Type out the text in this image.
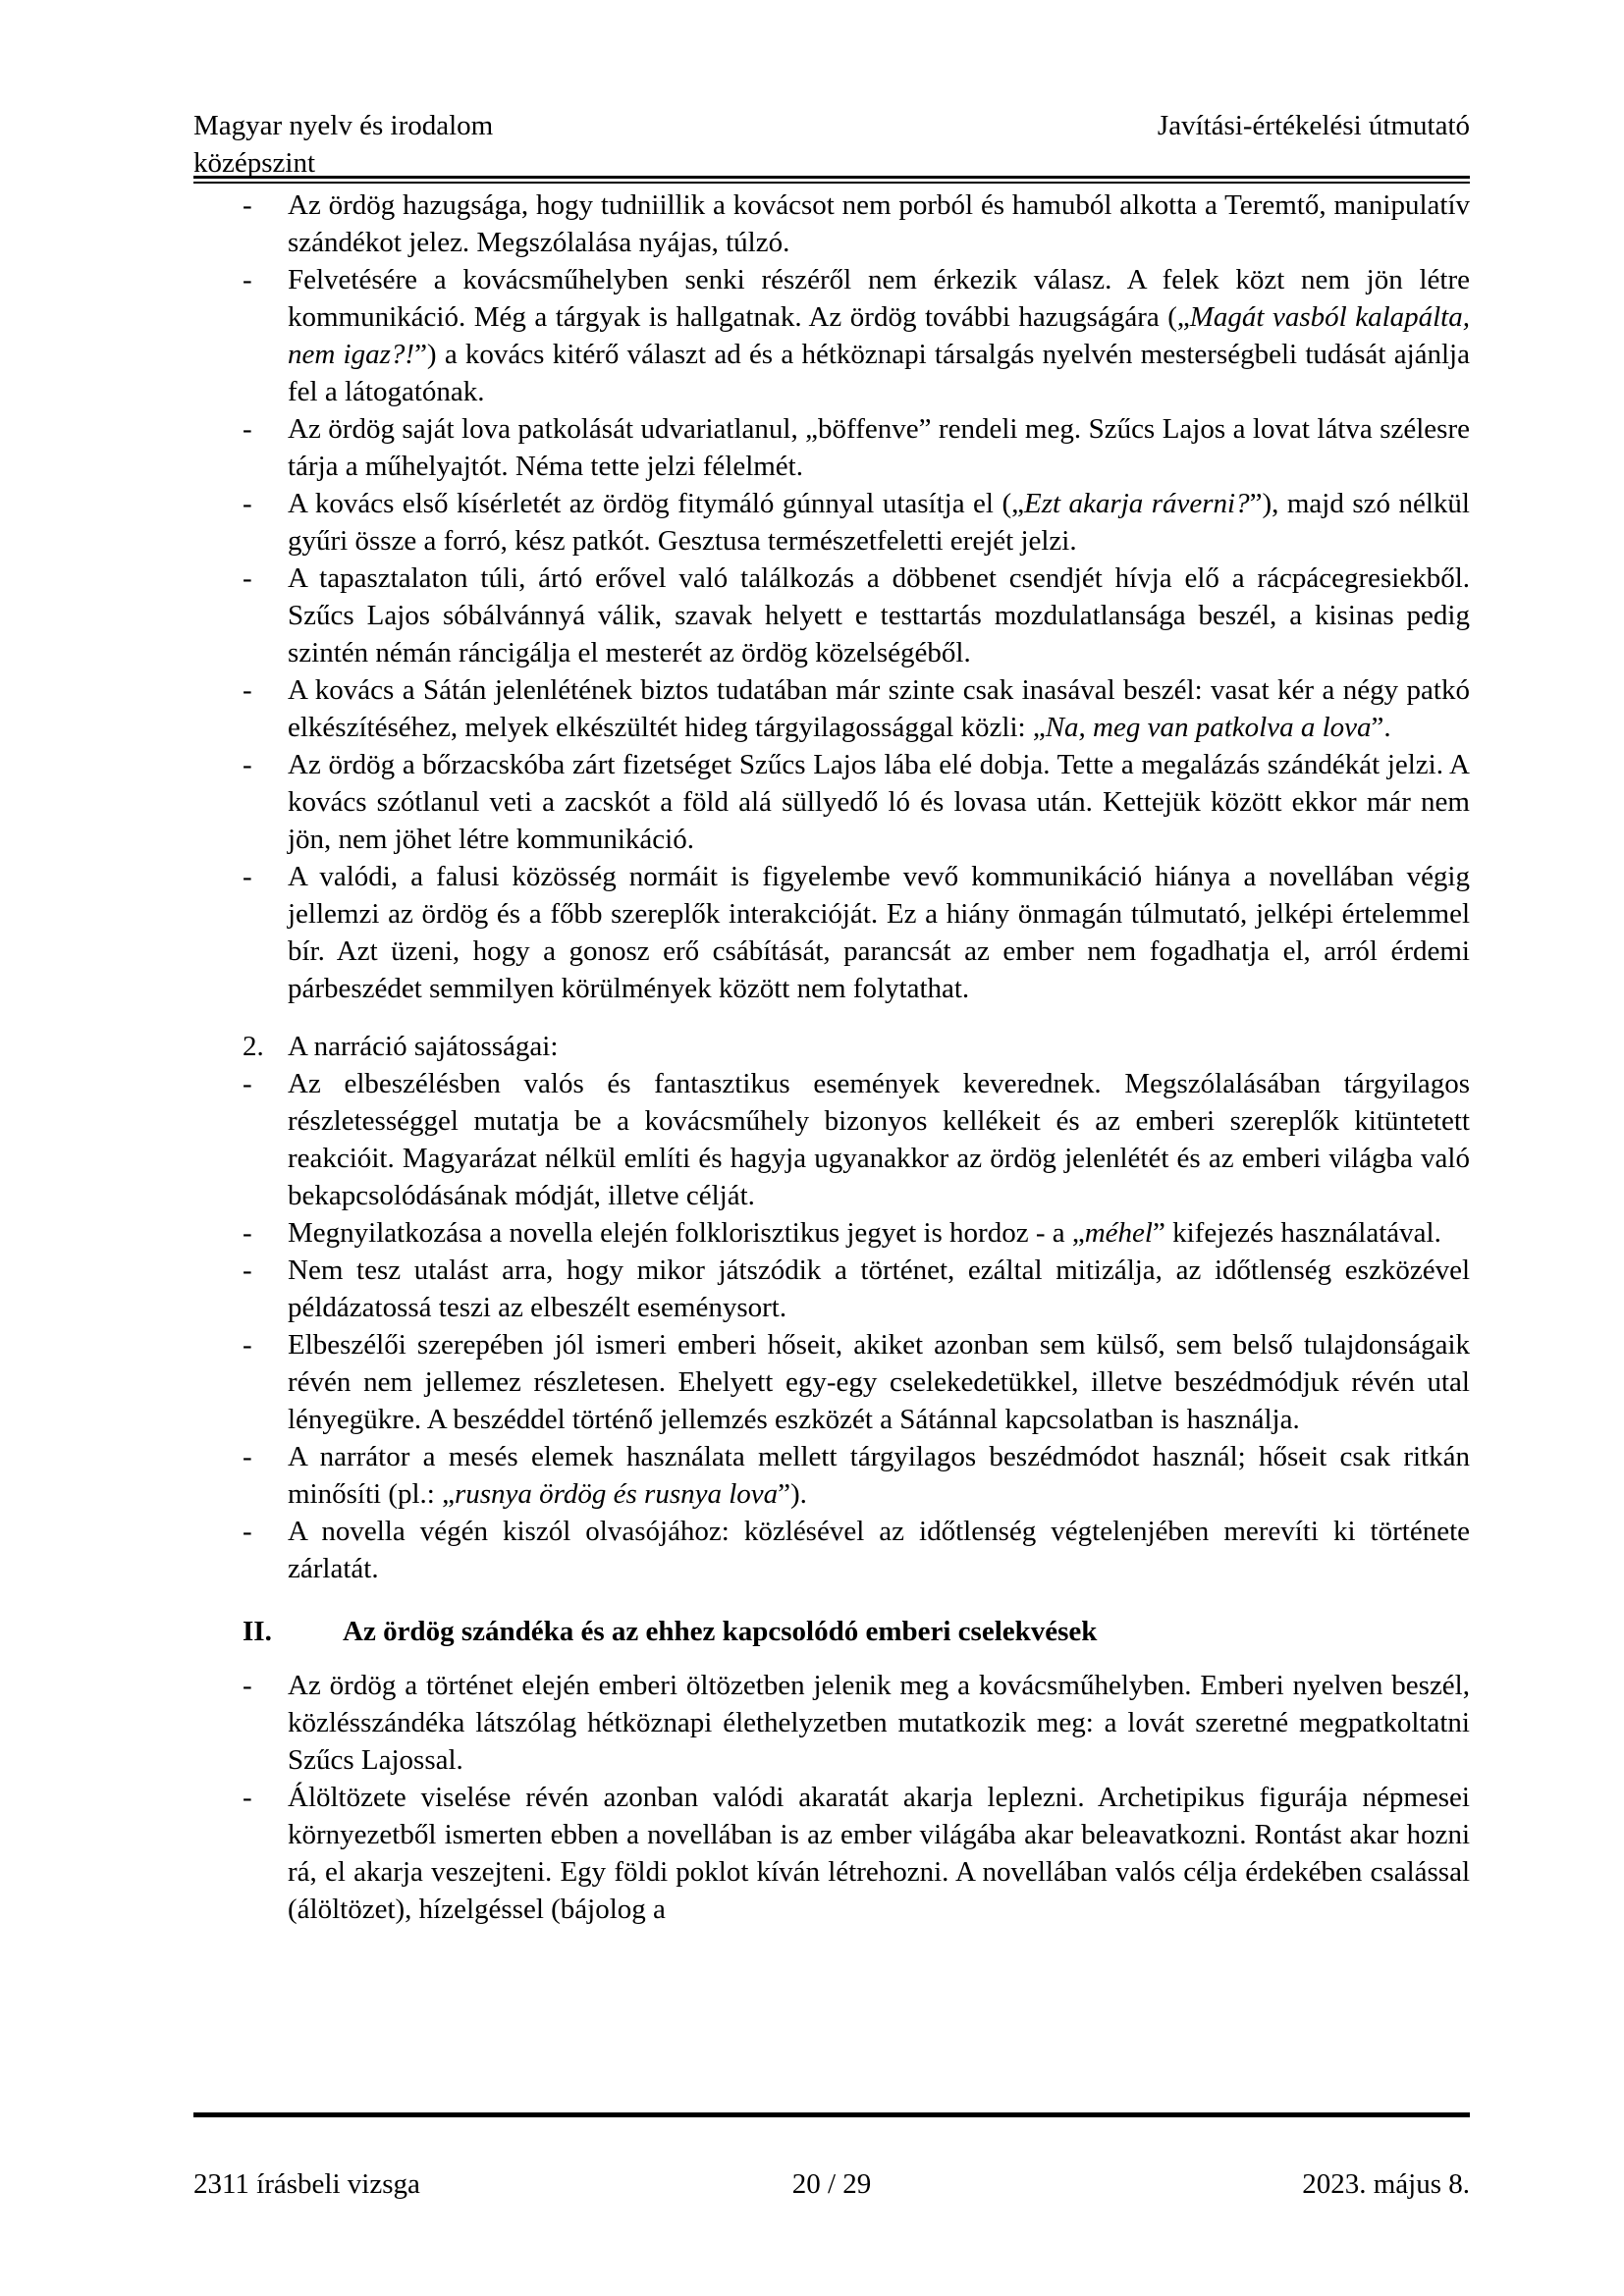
Magyar nyelv és irodalom	Javítási-értékelési útmutató
középszint
- Az ördög hazugsága, hogy tudniillik a kovácsot nem porból és hamuból alkotta a Teremtő, manipulatív szándékot jelez. Megszólalása nyájas, túlzó.
- Felvetésére a kovácsműhelyben senki részéről nem érkezik válasz. A felek közt nem jön létre kommunikáció. Még a tárgyak is hallgatnak. Az ördög további hazugságára („Magát vasból kalapálta, nem igaz?!”) a kovács kitérő választ ad és a hétköznapi társalgás nyelvén mesterségbeli tudását ajánlja fel a látogatónak.
- Az ördög saját lova patkolását udvariatlanul, „böffenve” rendeli meg. Szűcs Lajos a lovat látva szélesre tárja a műhelyajtót. Néma tette jelzi félelmét.
- A kovács első kísérletét az ördög fitymáló gúnnyal utasítja el („Ezt akarja ráverni?”), majd szó nélkül gyűri össze a forró, kész patkót. Gesztusa természetfeletti erejét jelzi.
- A tapasztalaton túli, ártó erővel való találkozás a döbbenet csendjét hívja elő a rácpácegresiekből. Szűcs Lajos sóbálvánnyá válik, szavak helyett e testtartás mozdulatlansága beszél, a kisinas pedig szintén némán ráncigálja el mesterét az ördög közelségéből.
- A kovács a Sátán jelenlétének biztos tudatában már szinte csak inasával beszél: vasat kér a négy patkó elkészítéséhez, melyek elkészültét hideg tárgyilagossággal közli: „Na, meg van patkolva a lova”.
- Az ördög a bőrzacskóba zárt fizetséget Szűcs Lajos lába elé dobja. Tette a megalázás szándékát jelzi. A kovács szótlanul veti a zacskót a föld alá süllyedő ló és lovasa után. Kettejük között ekkor már nem jön, nem jöhet létre kommunikáció.
- A valódi, a falusi közösség normáit is figyelembe vevő kommunikáció hiánya a novellában végig jellemzi az ördög és a főbb szereplők interakcióját. Ez a hiány önmagán túlmutató, jelképi értelemmel bír. Azt üzeni, hogy a gonosz erő csábítását, parancsát az ember nem fogadhatja el, arról érdemi párbeszédet semmilyen körülmények között nem folytathat.
2. A narráció sajátosságai:
- Az elbeszélésben valós és fantasztikus események keverednek. Megszólalásában tárgyilagos részletességgel mutatja be a kovácsműhely bizonyos kellékeit és az emberi szereplők kitüntetett reakcióit. Magyarázat nélkül említi és hagyja ugyanakkor az ördög jelenlétét és az emberi világba való bekapcsolódásának módját, illetve célját.
- Megnyilatkozása a novella elején folklorisztikus jegyet is hordoz - a „méhel” kifejezés használatával.
- Nem tesz utalást arra, hogy mikor játszódik a történet, ezáltal mitizálja, az időtlenség eszközével példázatossá teszi az elbeszélt eseménysort.
- Elbeszélői szerepében jól ismeri emberi hőseit, akiket azonban sem külső, sem belső tulajdonságaik révén nem jellemez részletesen. Ehelyett egy-egy cselekedetükkel, illetve beszédmódjuk révén utal lényegükre. A beszéddel történő jellemzés eszközét a Sátánnal kapcsolatban is használja.
- A narrátor a mesés elemek használata mellett tárgyilagos beszédmódot használ; hőseit csak ritkán minősíti (pl.: „rusnya ördög és rusnya lova”).
- A novella végén kiszól olvasójához: közlésével az időtlenség végtelenjében merevíti ki története zárlatát.
II. Az ördög szándéka és az ehhez kapcsolódó emberi cselekvések
- Az ördög a történet elején emberi öltözetben jelenik meg a kovácsműhelyben. Emberi nyelven beszél, közlésszándéka látszólag hétköznapi élethelyzetben mutatkozik meg: a lovát szeretné megpatkoltatni Szűcs Lajossal.
- Álöltözete viselése révén azonban valódi akaratát akarja leplezni. Archetipikus figurája népmesei környezetből ismerten ebben a novellában is az ember világába akar beleavatkozni. Rontást akar hozni rá, el akarja veszejteni. Egy földi poklot kíván létrehozni. A novellában valós célja érdekében csalással (álöltözet), hízelgéssel (bájolog a
2311 írásbeli vizsga	20 / 29	2023. május 8.
